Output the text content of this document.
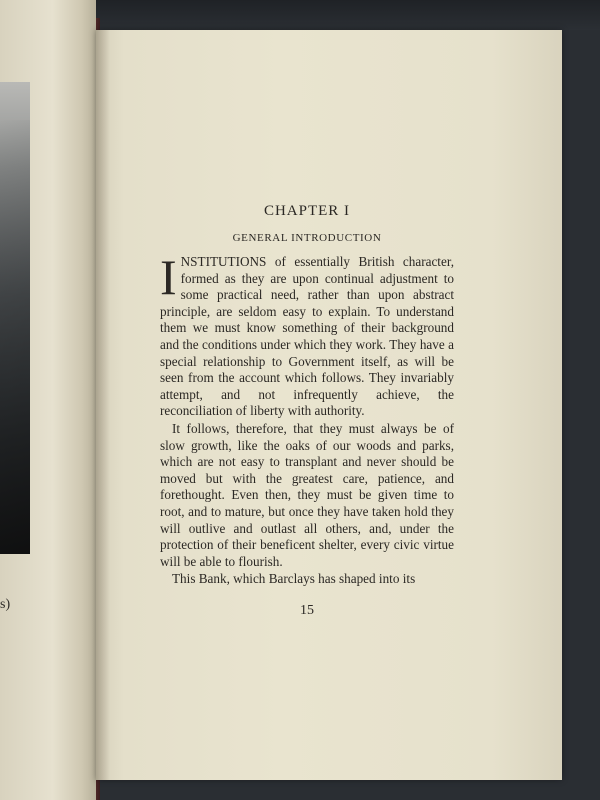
s)
CHAPTER I
GENERAL INTRODUCTION

INSTITUTIONS of essentially British character, formed as they are upon continual adjustment to some practical need, rather than upon abstract principle, are seldom easy to explain. To understand them we must know something of their background and the conditions under which they work. They have a special relationship to Government itself, as will be seen from the account which follows. They invariably attempt, and not infrequently achieve, the reconciliation of liberty with authority.

It follows, therefore, that they must always be of slow growth, like the oaks of our woods and parks, which are not easy to transplant and never should be moved but with the greatest care, patience, and forethought. Even then, they must be given time to root, and to mature, but once they have taken hold they will outlive and outlast all others, and, under the protection of their beneficent shelter, every civic virtue will be able to flourish.

This Bank, which Barclays has shaped into its

15
